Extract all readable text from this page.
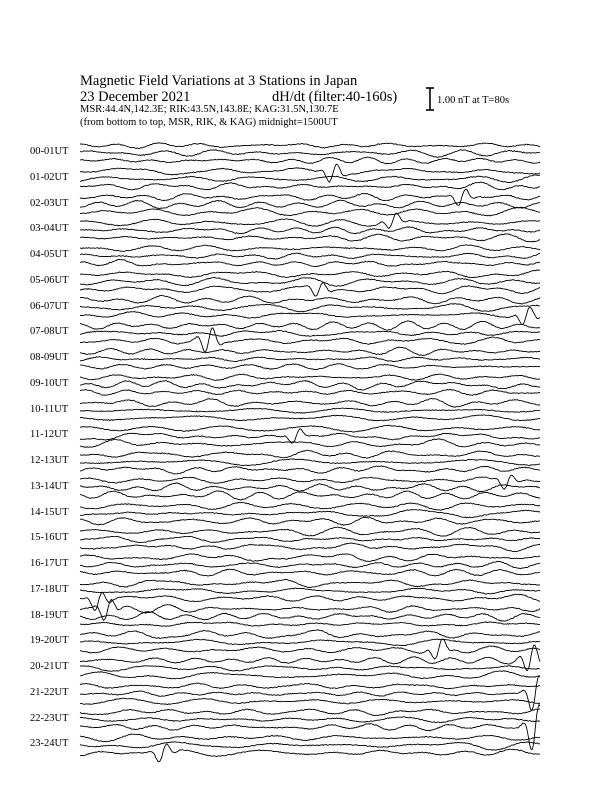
Magnetic Field Variations at 3 Stations in Japan
23 December 2021	dH/dt (filter:40-160s)
MSR:44.4N,142.3E; RIK:43.5N,143.8E; KAG:31.5N,130.7E
(from bottom to top, MSR, RIK, & KAG) midnight=1500UT
1.00 nT at T=80s
00-01UT
01-02UT
02-03UT
03-04UT
04-05UT
05-06UT
06-07UT
07-08UT
08-09UT
09-10UT
10-11UT
11-12UT
12-13UT
13-14UT
14-15UT
15-16UT
16-17UT
17-18UT
18-19UT
19-20UT
20-21UT
21-22UT
22-23UT
23-24UT
